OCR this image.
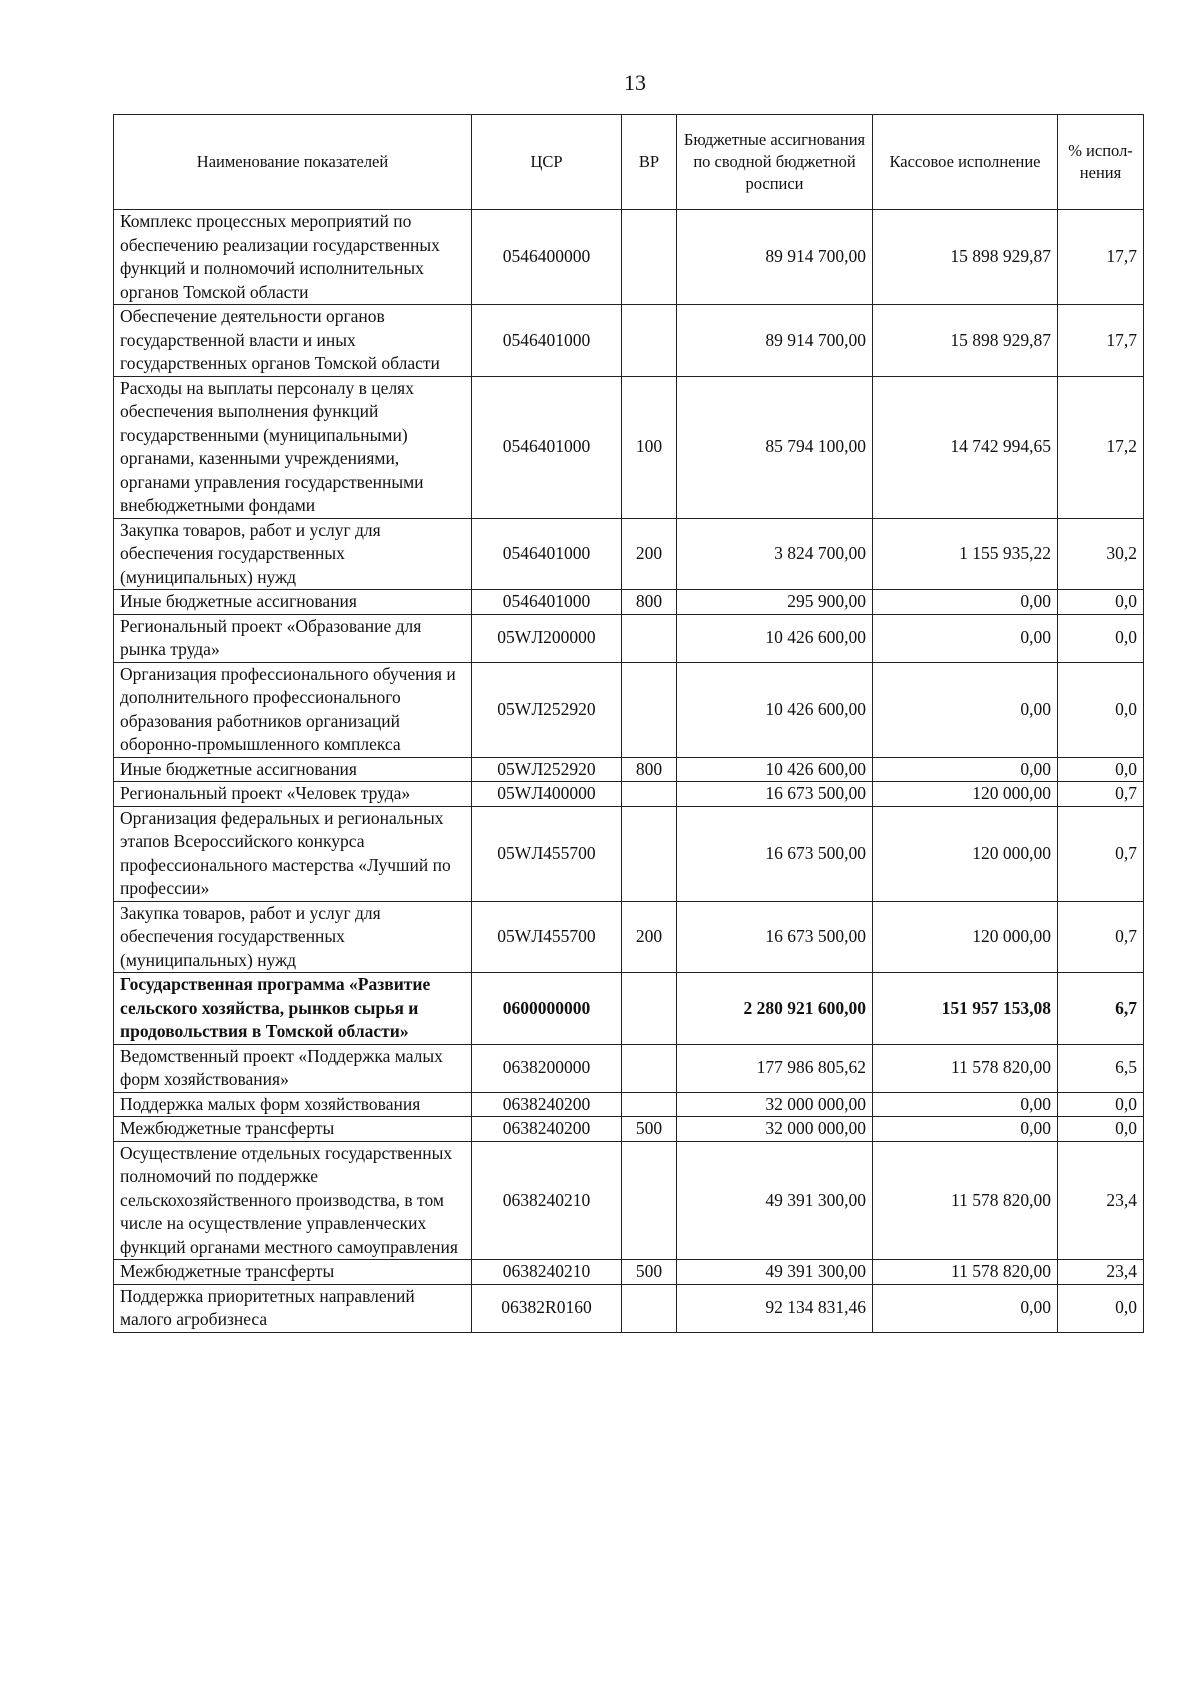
13
Наименование показателей	ЦСР	ВР	Бюджетные ассигнования по сводной бюджетной росписи	Кассовое исполнение	% испол-нения
Комплекс процессных мероприятий по обеспечению реализации государственных функций и полномочий исполнительных органов Томской области	0546400000		89 914 700,00	15 898 929,87	17,7
Обеспечение деятельности органов государственной власти и иных государственных органов Томской области	0546401000		89 914 700,00	15 898 929,87	17,7
Расходы на выплаты персоналу в целях обеспечения выполнения функций государственными (муниципальными) органами, казенными учреждениями, органами управления государственными внебюджетными фондами	0546401000	100	85 794 100,00	14 742 994,65	17,2
Закупка товаров, работ и услуг для обеспечения государственных (муниципальных) нужд	0546401000	200	3 824 700,00	1 155 935,22	30,2
Иные бюджетные ассигнования	0546401000	800	295 900,00	0,00	0,0
Региональный проект «Образование для рынка труда»	05WЛ200000		10 426 600,00	0,00	0,0
Организация профессионального обучения и дополнительного профессионального образования работников организаций оборонно-промышленного комплекса	05WЛ252920		10 426 600,00	0,00	0,0
Иные бюджетные ассигнования	05WЛ252920	800	10 426 600,00	0,00	0,0
Региональный проект «Человек труда»	05WЛ400000		16 673 500,00	120 000,00	0,7
Организация федеральных и региональных этапов Всероссийского конкурса профессионального мастерства «Лучший по профессии»	05WЛ455700		16 673 500,00	120 000,00	0,7
Закупка товаров, работ и услуг для обеспечения государственных (муниципальных) нужд	05WЛ455700	200	16 673 500,00	120 000,00	0,7
Государственная программа «Развитие сельского хозяйства, рынков сырья и продовольствия в Томской области»	0600000000		2 280 921 600,00	151 957 153,08	6,7
Ведомственный проект «Поддержка малых форм хозяйствования»	0638200000		177 986 805,62	11 578 820,00	6,5
Поддержка малых форм хозяйствования	0638240200		32 000 000,00	0,00	0,0
Межбюджетные трансферты	0638240200	500	32 000 000,00	0,00	0,0
Осуществление отдельных государственных полномочий по поддержке сельскохозяйственного производства, в том числе на осуществление управленческих функций органами местного самоуправления	0638240210		49 391 300,00	11 578 820,00	23,4
Межбюджетные трансферты	0638240210	500	49 391 300,00	11 578 820,00	23,4
Поддержка приоритетных направлений малого агробизнеса	06382R0160		92 134 831,46	0,00	0,0
